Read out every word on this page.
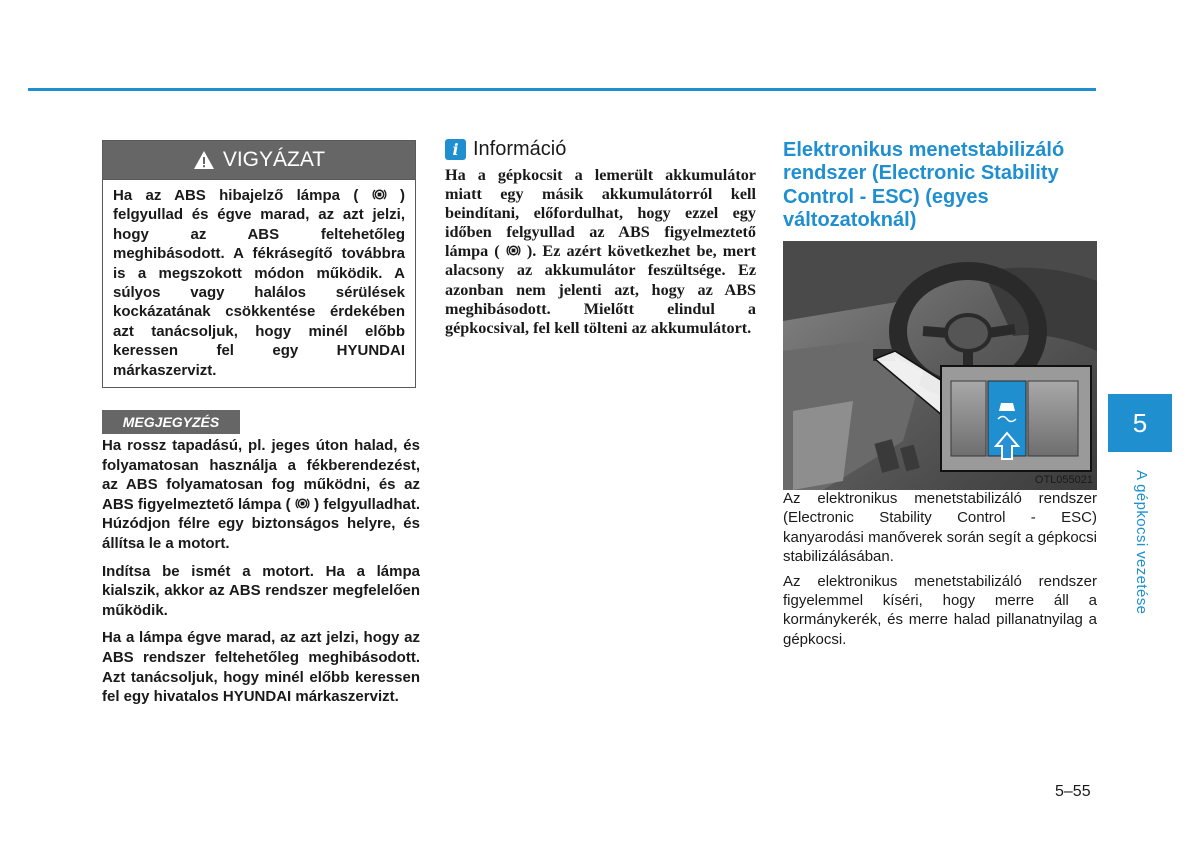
VIGYÁZAT
Ha az ABS hibajelző lámpa (	) felgyullad és égve marad, az azt jelzi, hogy az ABS feltehetőleg meghibásodott. A fékrásegítő továbbra is a megszokott módon működik. A súlyos vagy halálos sérülések kockázatának csökkentése érdekében azt tanácsoljuk, hogy minél előbb keressen fel egy HYUNDAI márkaszervizt.
MEGJEGYZÉS

Ha rossz tapadású, pl. jeges úton halad, és folyamatosan használja a fékberendezést, az ABS folyamatosan fog működni, és az ABS figyelmeztető lámpa ( ) felgyulladhat. Húzódjon félre egy biztonságos helyre, és állítsa le a motort.

Indítsa be ismét a motort. Ha a lámpa kialszik, akkor az ABS rendszer megfelelően működik.

Ha a lámpa égve marad, az azt jelzi, hogy az ABS rendszer feltehetőleg meghibásodott. Azt tanácsoljuk, hogy minél előbb keressen fel egy hivatalos HYUNDAI márkaszervizt.

i Információ
Ha a gépkocsit a lemerült akkumulátor miatt egy másik akkumulátorról kell beindítani, előfordulhat, hogy ezzel egy időben felgyullad az ABS figyelmeztető lámpa ( ). Ez azért következhet be, mert alacsony az akkumulátor feszültsége. Ez azonban nem jelenti azt, hogy az ABS meghibásodott. Mielőtt elindul a gépkocsival, fel kell tölteni az akkumulátort.
Elektronikus menetstabilizáló rendszer (Electronic Stability Control - ESC) (egyes változatoknál)
OTL055021

Az elektronikus menetstabilizáló rendszer (Electronic Stability Control - ESC) kanyarodási manőverek során segít a gépkocsi stabilizálásában.

Az elektronikus menetstabilizáló rendszer figyelemmel kíséri, hogy merre áll a kormánykerék, és merre halad pillanatnyilag a gépkocsi.

5
A gépkocsi vezetése
5–55
